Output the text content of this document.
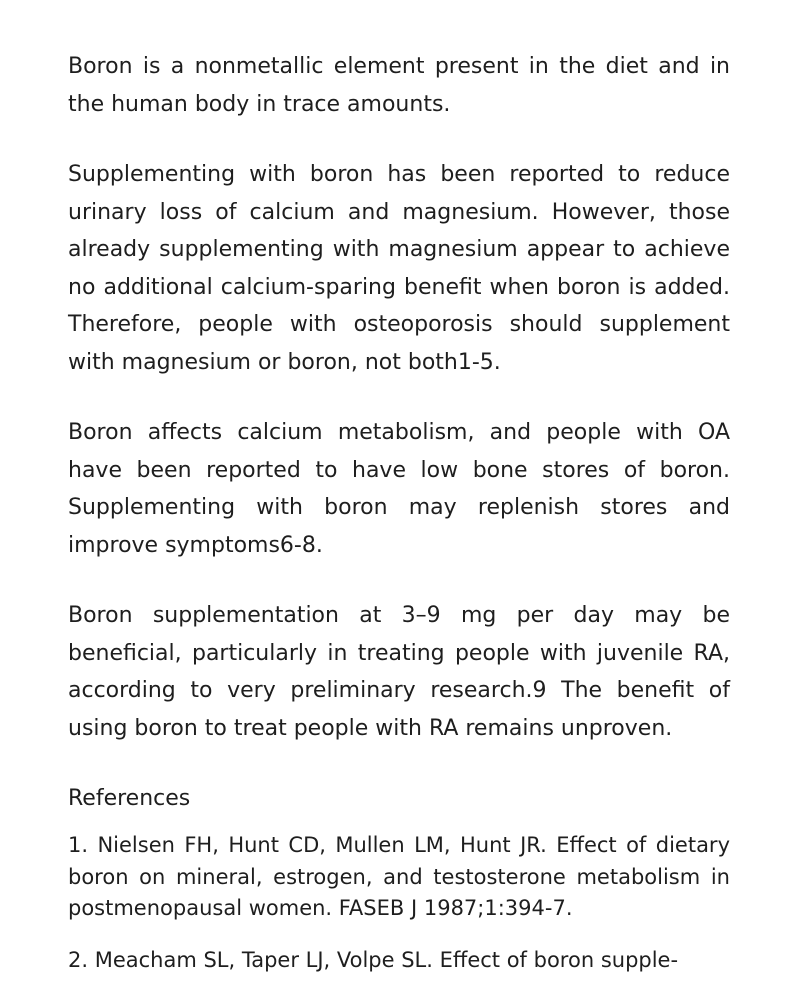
Boron is a nonmetallic element present in the diet and in the human body in trace amounts.

Supplementing with boron has been reported to reduce urinary loss of calcium and magnesium. However, those already supplementing with magnesium appear to achieve no additional calcium-sparing benefit when boron is added. Therefore, people with osteoporosis should supplement with magnesium or boron, not both1-5.

Boron affects calcium metabolism, and people with OA have been reported to have low bone stores of boron. Supplementing with boron may replenish stores and improve symptoms6-8.

Boron supplementation at 3–9 mg per day may be beneficial, particularly in treating people with juvenile RA, according to very preliminary research.9 The benefit of using boron to treat people with RA remains unproven.

References
1. Nielsen FH, Hunt CD, Mullen LM, Hunt JR. Effect of dietary boron on mineral, estrogen, and testosterone metabolism in postmenopausal women. FASEB J 1987;1:394-7.
2. Meacham SL, Taper LJ, Volpe SL. Effect of boron supple-
